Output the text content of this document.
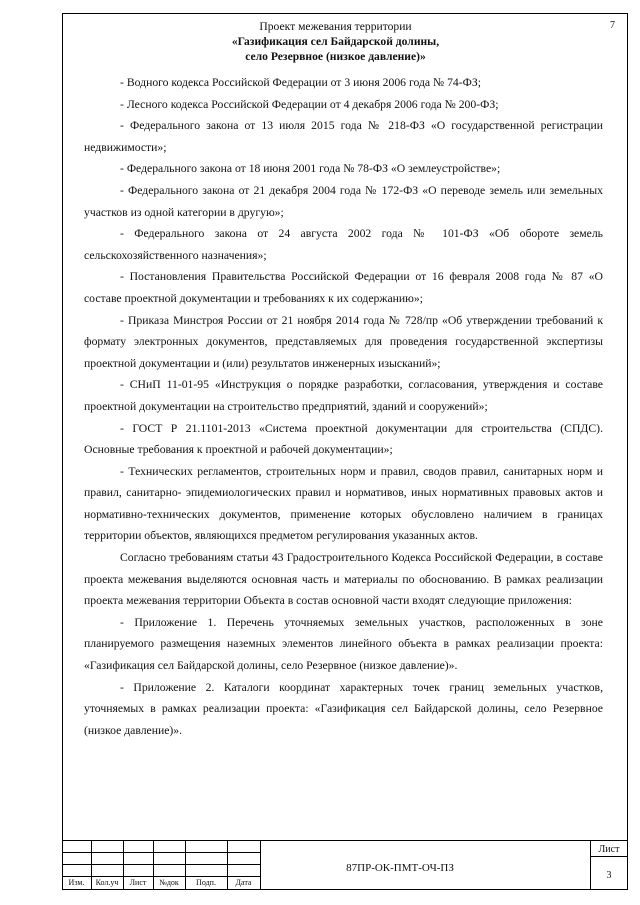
7
Проект межевания территории
«Газификация сел Байдарской долины,
село Резервное (низкое давление)»

- Водного кодекса Российской Федерации от 3 июня 2006 года № 74-ФЗ;

- Лесного кодекса Российской Федерации от 4 декабря 2006 года № 200-ФЗ;

- Федерального закона от 13 июля 2015 года № 218-ФЗ «О государственной регистрации недвижимости»;

- Федерального закона от 18 июня 2001 года № 78-ФЗ «О землеустройстве»;

- Федерального закона от 21 декабря 2004 года № 172-ФЗ «О переводе земель или земельных участков из одной категории в другую»;

- Федерального закона от 24 августа 2002 года № 101-ФЗ «Об обороте земель сельскохозяйственного назначения»;

- Постановления Правительства Российской Федерации от 16 февраля 2008 года № 87 «О составе проектной документации и требованиях к их содержанию»;

- Приказа Минстроя России от 21 ноября 2014 года № 728/пр «Об утверждении требований к формату электронных документов, представляемых для проведения государственной экспертизы проектной документации и (или) результатов инженерных изысканий»;

- СНиП 11-01-95 «Инструкция о порядке разработки, согласования, утверждения и составе проектной документации на строительство предприятий, зданий и сооружений»;

- ГОСТ Р 21.1101-2013 «Система проектной документации для строительства (СПДС). Основные требования к проектной и рабочей документации»;

- Технических регламентов, строительных норм и правил, сводов правил, санитарных норм и правил, санитарно- эпидемиологических правил и нормативов, иных нормативных правовых актов и нормативно-технических документов, применение которых обусловлено наличием в границах территории объектов, являющихся предметом регулирования указанных актов.

Согласно требованиям статьи 43 Градостроительного Кодекса Российской Федерации, в составе проекта межевания выделяются основная часть и материалы по обоснованию. В рамках реализации проекта межевания территории Объекта в состав основной части входят следующие приложения:

- Приложение 1. Перечень уточняемых земельных участков, расположенных в зоне планируемого размещения наземных элементов линейного объекта в рамках реализации проекта: «Газификация сел Байдарской долины, село Резервное (низкое давление)».

- Приложение 2. Каталоги координат характерных точек границ земельных участков, уточняемых в рамках реализации проекта: «Газификация сел Байдарской долины, село Резервное (низкое давление)».

Изм.	Кол.уч	Лист	№док	Подп.	Дата
87ПР-ОК-ПМТ-ОЧ-ПЗ
Лист
3
